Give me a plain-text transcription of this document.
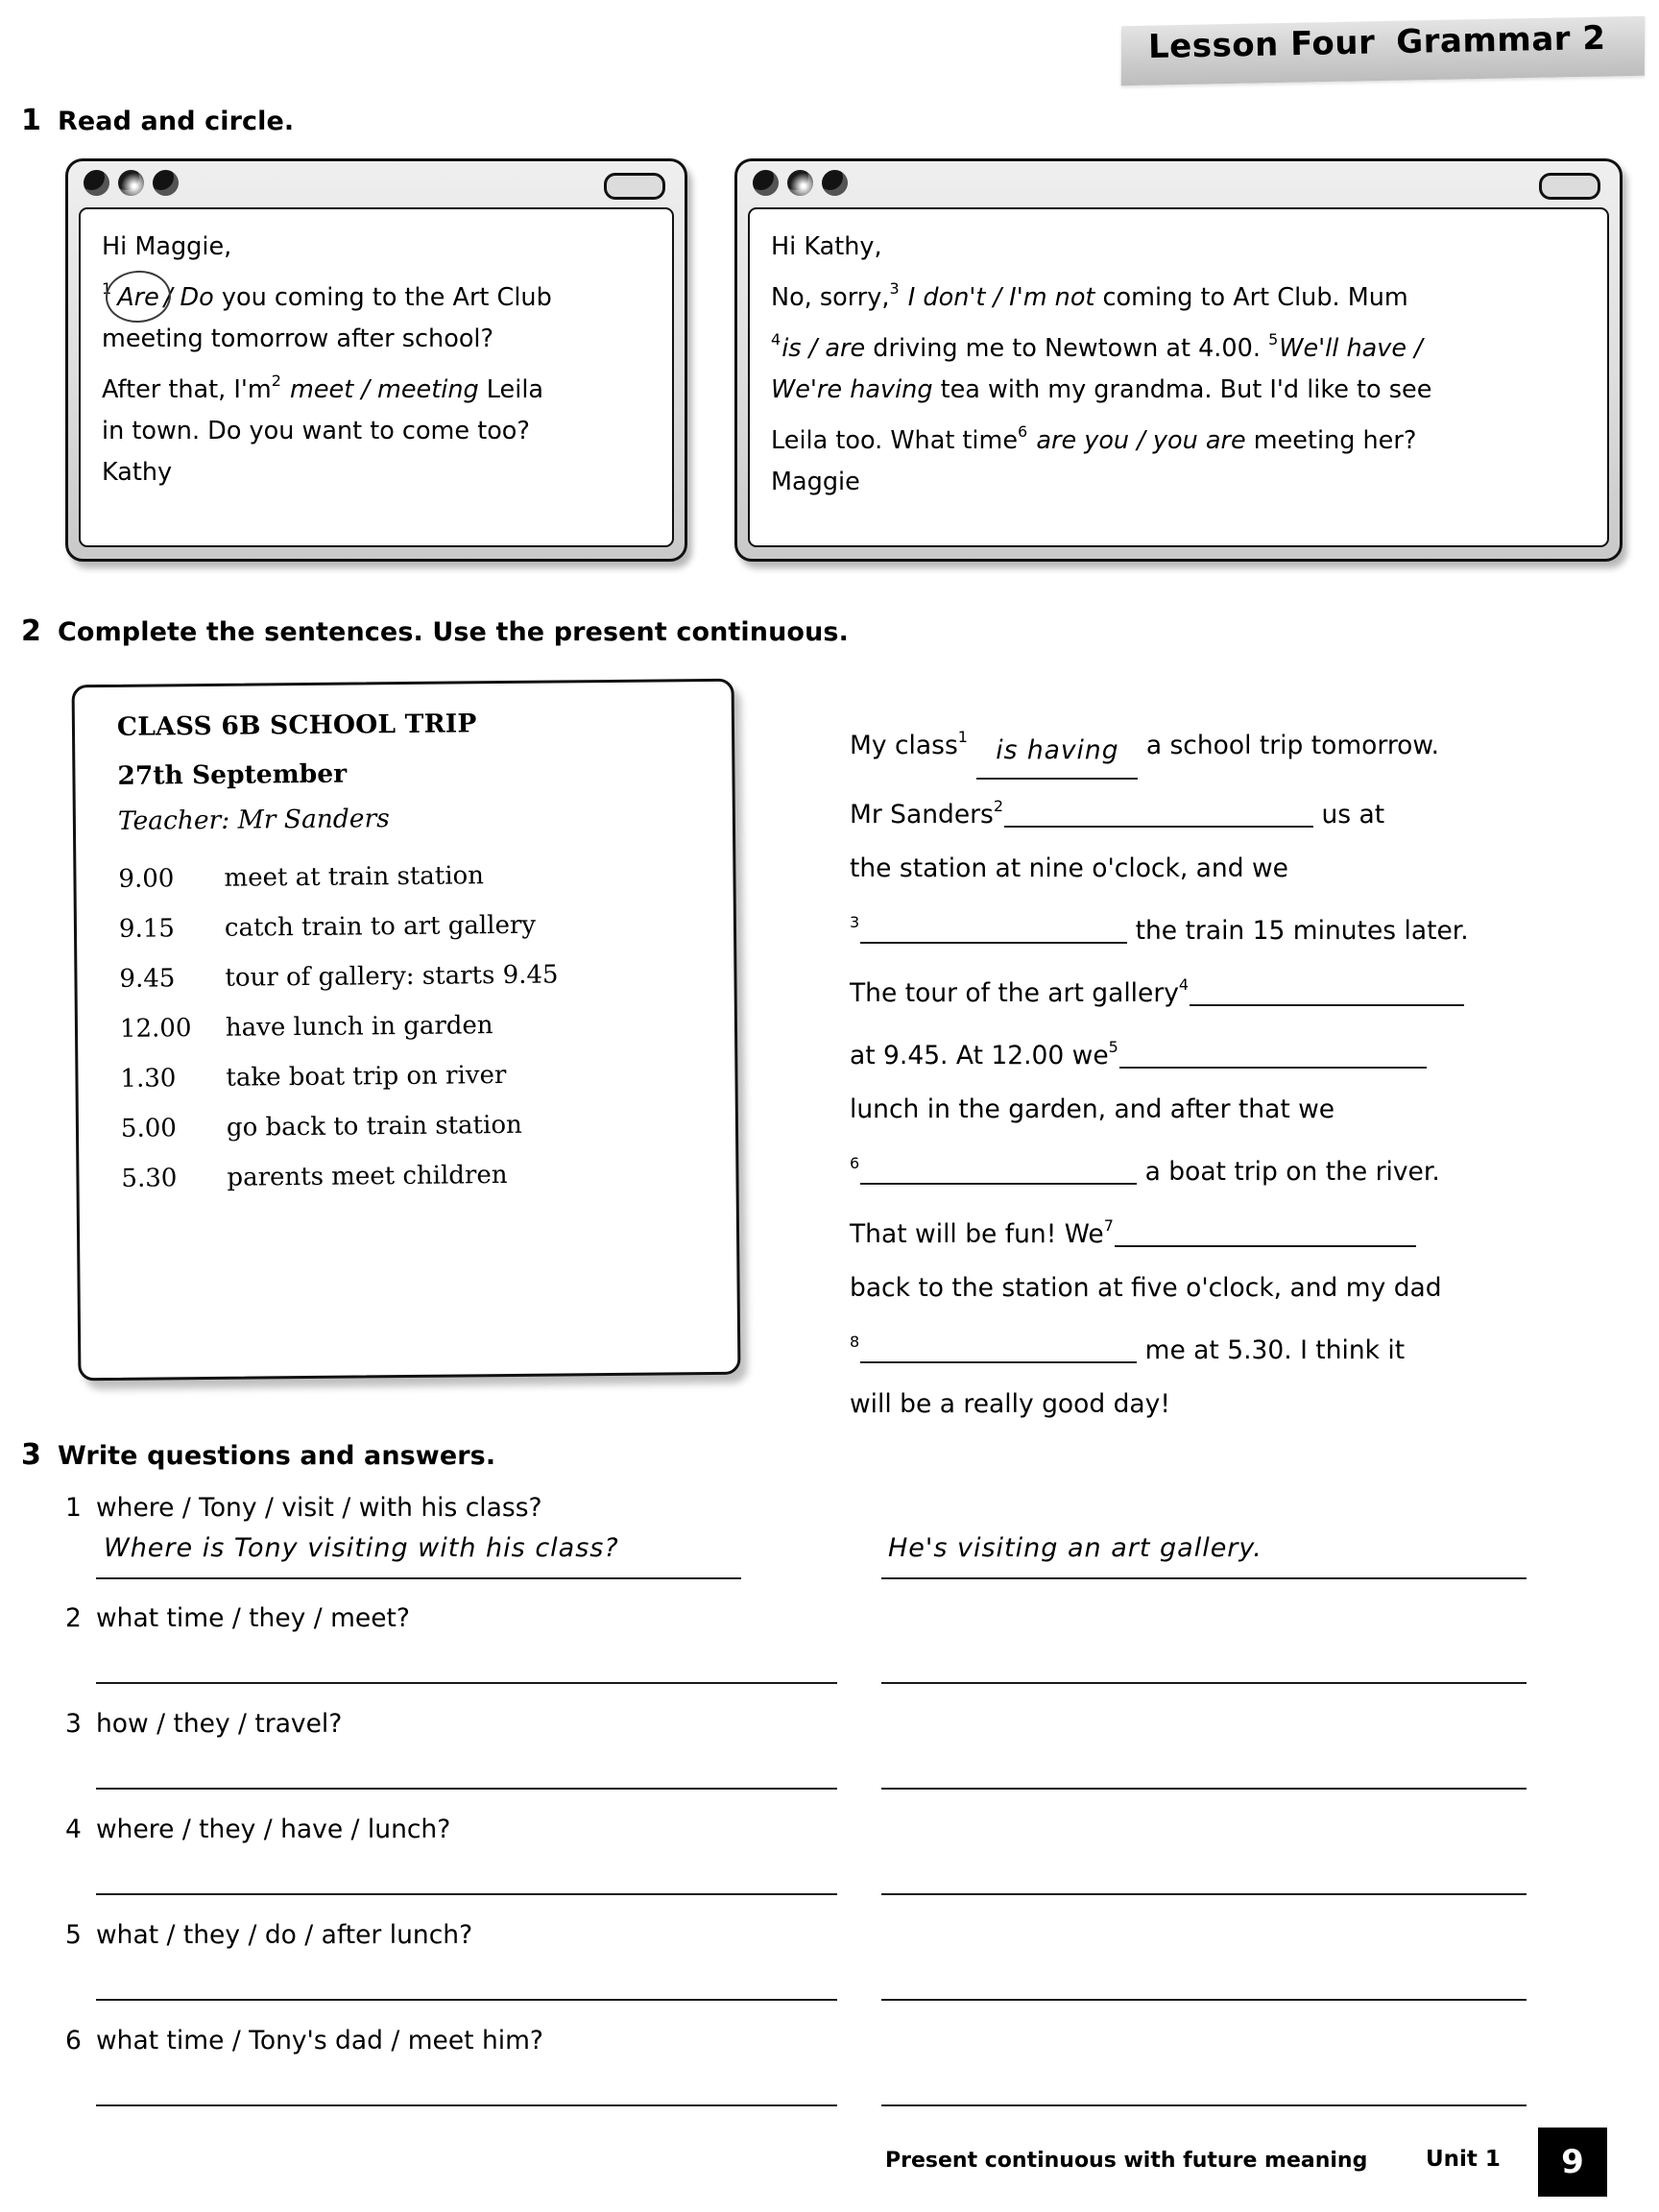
Lesson Four Grammar 2
1 Read and circle.
Hi Maggie,
$^1$ Are / Do you coming to the Art Club
meeting tomorrow after school?
After that, $I'm^2$ meet / meeting Leila
in town. Do you want to come too?
Kathy
Hi Kathy,
No, sorry,$^3$ I don't / I'm not coming to Art Club. Mum
$^4$is / are driving me to Newtown at 4.00. $^5$We'll have /
We're having tea with my grandma. But I'd like to see
Leila too. What time$^6$ are you / you are meeting her?
Maggie
2 Complete the sentences. Use the present continuous.
CLASS 6B SCHOOL TRIP
27th September
Teacher: Mr Sanders
9.00	meet at train station
9.15	catch train to art gallery
9.45	tour of gallery: starts 9.45
12.00	have lunch in garden
1.30	take boat trip on river
5.00	go back to train station
5.30	parents meet children
My class$^1$ is having a school trip tomorrow.
Mr Sanders$^2$	us at
the station at nine o'clock, and we
$^3$	the train 15 minutes later.
The tour of the art gallery$^4$
at 9.45. At 12.00 $we^5$
lunch in the garden, and after that we
$^6$	a boat trip on the river.
That will be fun! We$^7$
back to the station at five o'clock, and my dad
$^8$	me at 5.30. I think it
will be a really good day!
3 Write questions and answers.
1 where / Tony / visit / with his class?
Where is Tony visiting with his class?	He's visiting an art gallery.
2 what time / they / meet?
3 how / they / travel?
4 where / they / have / lunch?
5 what / they / do / after lunch?
6 what time / Tony's dad / meet him?
Present continuous with future meaning	Unit 1	9
